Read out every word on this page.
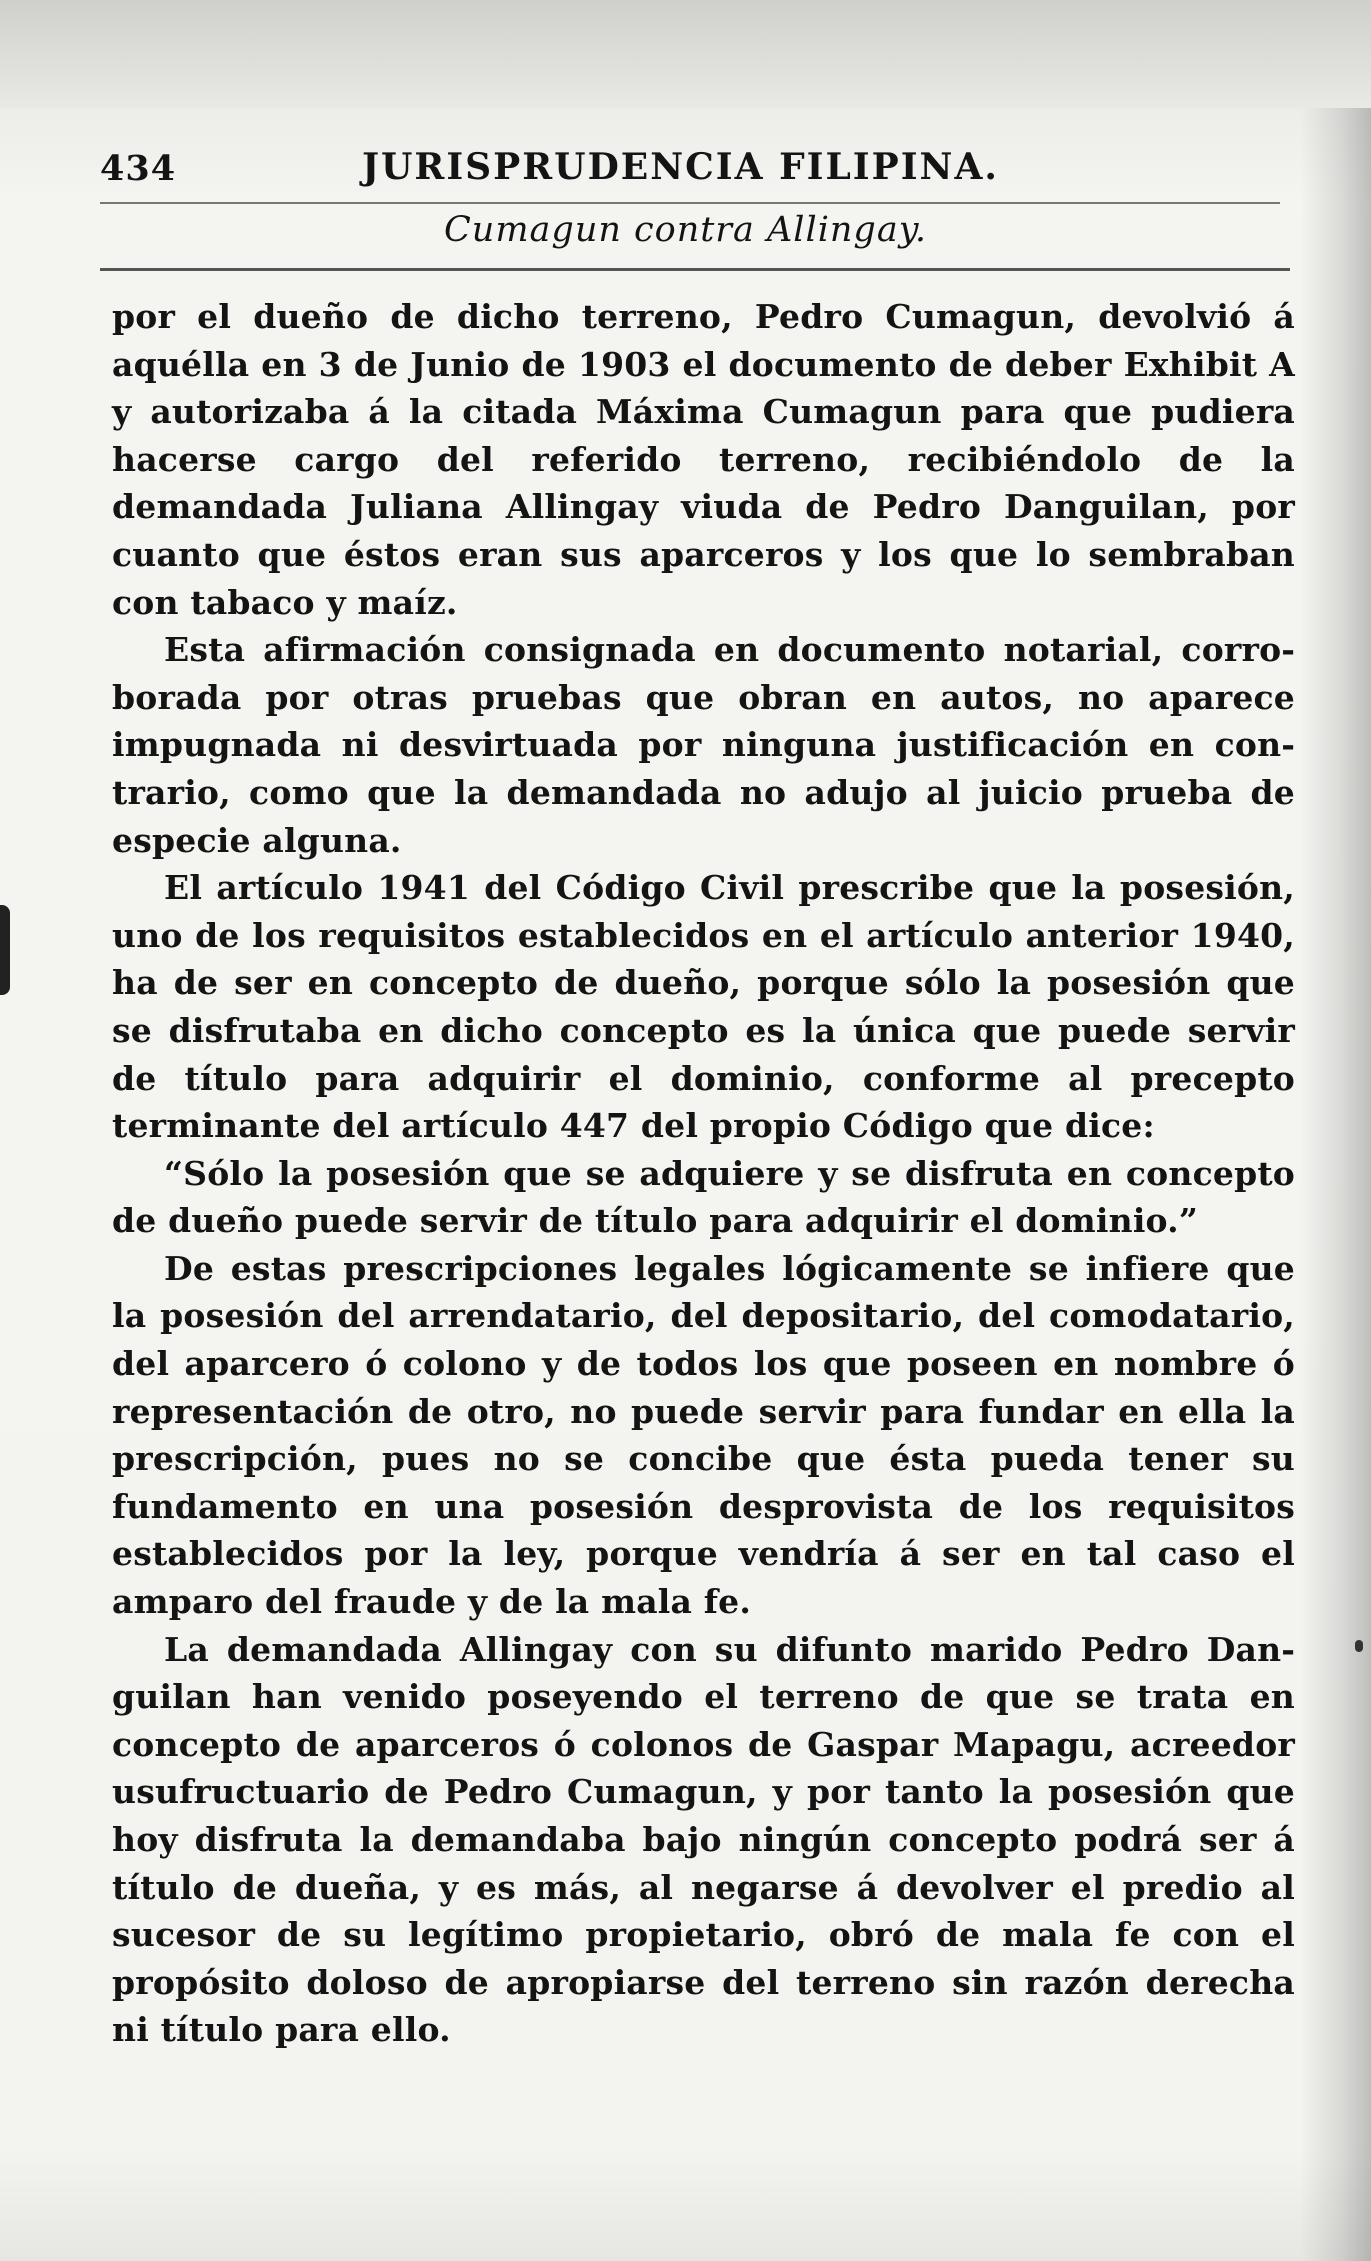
434	JURISPRUDENCIA FILIPINA.
Cumagun contra Allingay.

por el dueño de dicho terreno, Pedro Cumagun, devolvió á aquélla en 3 de Junio de 1903 el documento de deber Exhibit A y autorizaba á la citada Máxima Cumagun para que pudiera hacerse cargo del referido terreno, recibiéndolo de la demandada Juliana Allingay viuda de Pedro Danguilan, por cuanto que éstos eran sus aparceros y los que lo sembraban con tabaco y maíz.

Esta afirmación consignada en documento notarial, corroborada por otras pruebas que obran en autos, no aparece impugnada ni desvirtuada por ninguna justificación en contrario, como que la demandada no adujo al juicio prueba de especie alguna.

El artículo 1941 del Código Civil prescribe que la posesión, uno de los requisitos establecidos en el artículo anterior 1940, ha de ser en concepto de dueño, porque sólo la posesión que se disfrutaba en dicho concepto es la única que puede servir de título para adquirir el dominio, conforme al precepto terminante del artículo 447 del propio Código que dice:

“Sólo la posesión que se adquiere y se disfruta en concepto de dueño puede servir de título para adquirir el dominio.”

De estas prescripciones legales lógicamente se infiere que la posesión del arrendatario, del depositario, del comodatario, del aparcero ó colono y de todos los que poseen en nombre ó representación de otro, no puede servir para fundar en ella la prescripción, pues no se concibe que ésta pueda tener su fundamento en una posesión desprovista de los requisitos establecidos por la ley, porque vendría á ser en tal caso el amparo del fraude y de la mala fe.

La demandada Allingay con su difunto marido Pedro Danguilan han venido poseyendo el terreno de que se trata en concepto de aparceros ó colonos de Gaspar Mapagu, acreedor usufructuario de Pedro Cumagun, y por tanto la posesión que hoy disfruta la demandaba bajo ningún concepto podrá ser á título de dueña, y es más, al negarse á devolver el predio al sucesor de su legítimo propietario, obró de mala fe con el propósito doloso de apropiarse del terreno sin razón derecha ni título para ello.
